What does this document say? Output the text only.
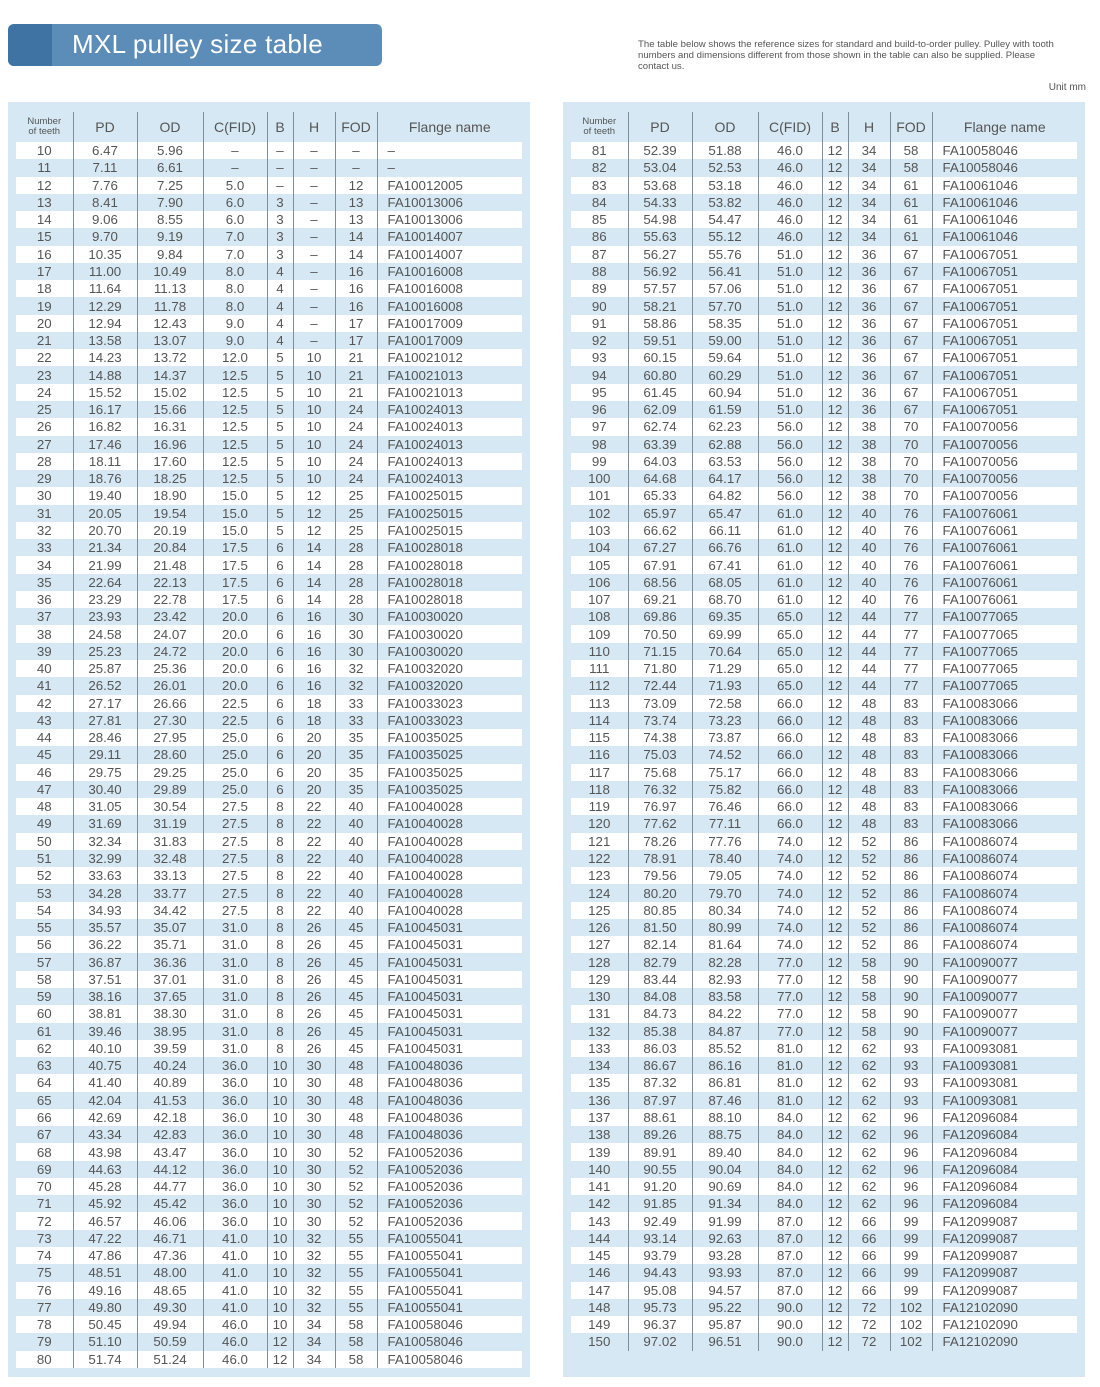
MXL pulley size table	The table below shows the reference sizes for standard and build-to-order pulley. Pulley with tooth numbers and dimensions different from those shown in the table can also be supplied. Please contact us.
Unit mm
Number
of teeth	PD	OD	C(FID)	B	H	FOD	Flange name
10	6.47	5.96	–	–	–	–	–
11	7.11	6.61	–	–	–	–	–
12	7.76	7.25	5.0	–	–	12	FA10012005
13	8.41	7.90	6.0	3	–	13	FA10013006
14	9.06	8.55	6.0	3	–	13	FA10013006
15	9.70	9.19	7.0	3	–	14	FA10014007
16	10.35	9.84	7.0	3	–	14	FA10014007
17	11.00	10.49	8.0	4	–	16	FA10016008
18	11.64	11.13	8.0	4	–	16	FA10016008
19	12.29	11.78	8.0	4	–	16	FA10016008
20	12.94	12.43	9.0	4	–	17	FA10017009
21	13.58	13.07	9.0	4	–	17	FA10017009
22	14.23	13.72	12.0	5	10	21	FA10021012
23	14.88	14.37	12.5	5	10	21	FA10021013
24	15.52	15.02	12.5	5	10	21	FA10021013
25	16.17	15.66	12.5	5	10	24	FA10024013
26	16.82	16.31	12.5	5	10	24	FA10024013
27	17.46	16.96	12.5	5	10	24	FA10024013
28	18.11	17.60	12.5	5	10	24	FA10024013
29	18.76	18.25	12.5	5	10	24	FA10024013
30	19.40	18.90	15.0	5	12	25	FA10025015
31	20.05	19.54	15.0	5	12	25	FA10025015
32	20.70	20.19	15.0	5	12	25	FA10025015
33	21.34	20.84	17.5	6	14	28	FA10028018
34	21.99	21.48	17.5	6	14	28	FA10028018
35	22.64	22.13	17.5	6	14	28	FA10028018
36	23.29	22.78	17.5	6	14	28	FA10028018
37	23.93	23.42	20.0	6	16	30	FA10030020
38	24.58	24.07	20.0	6	16	30	FA10030020
39	25.23	24.72	20.0	6	16	30	FA10030020
40	25.87	25.36	20.0	6	16	32	FA10032020
41	26.52	26.01	20.0	6	16	32	FA10032020
42	27.17	26.66	22.5	6	18	33	FA10033023
43	27.81	27.30	22.5	6	18	33	FA10033023
44	28.46	27.95	25.0	6	20	35	FA10035025
45	29.11	28.60	25.0	6	20	35	FA10035025
46	29.75	29.25	25.0	6	20	35	FA10035025
47	30.40	29.89	25.0	6	20	35	FA10035025
48	31.05	30.54	27.5	8	22	40	FA10040028
49	31.69	31.19	27.5	8	22	40	FA10040028
50	32.34	31.83	27.5	8	22	40	FA10040028
51	32.99	32.48	27.5	8	22	40	FA10040028
52	33.63	33.13	27.5	8	22	40	FA10040028
53	34.28	33.77	27.5	8	22	40	FA10040028
54	34.93	34.42	27.5	8	22	40	FA10040028
55	35.57	35.07	31.0	8	26	45	FA10045031
56	36.22	35.71	31.0	8	26	45	FA10045031
57	36.87	36.36	31.0	8	26	45	FA10045031
58	37.51	37.01	31.0	8	26	45	FA10045031
59	38.16	37.65	31.0	8	26	45	FA10045031
60	38.81	38.30	31.0	8	26	45	FA10045031
61	39.46	38.95	31.0	8	26	45	FA10045031
62	40.10	39.59	31.0	8	26	45	FA10045031
63	40.75	40.24	36.0	10	30	48	FA10048036
64	41.40	40.89	36.0	10	30	48	FA10048036
65	42.04	41.53	36.0	10	30	48	FA10048036
66	42.69	42.18	36.0	10	30	48	FA10048036
67	43.34	42.83	36.0	10	30	48	FA10048036
68	43.98	43.47	36.0	10	30	52	FA10052036
69	44.63	44.12	36.0	10	30	52	FA10052036
70	45.28	44.77	36.0	10	30	52	FA10052036
71	45.92	45.42	36.0	10	30	52	FA10052036
72	46.57	46.06	36.0	10	30	52	FA10052036
73	47.22	46.71	41.0	10	32	55	FA10055041
74	47.86	47.36	41.0	10	32	55	FA10055041
75	48.51	48.00	41.0	10	32	55	FA10055041
76	49.16	48.65	41.0	10	32	55	FA10055041
77	49.80	49.30	41.0	10	32	55	FA10055041
78	50.45	49.94	46.0	10	34	58	FA10058046
79	51.10	50.59	46.0	12	34	58	FA10058046
80	51.74	51.24	46.0	12	34	58	FA10058046
Number
of teeth	PD	OD	C(FID)	B	H	FOD	Flange name
81	52.39	51.88	46.0	12	34	58	FA10058046
82	53.04	52.53	46.0	12	34	58	FA10058046
83	53.68	53.18	46.0	12	34	61	FA10061046
84	54.33	53.82	46.0	12	34	61	FA10061046
85	54.98	54.47	46.0	12	34	61	FA10061046
86	55.63	55.12	46.0	12	34	61	FA10061046
87	56.27	55.76	51.0	12	36	67	FA10067051
88	56.92	56.41	51.0	12	36	67	FA10067051
89	57.57	57.06	51.0	12	36	67	FA10067051
90	58.21	57.70	51.0	12	36	67	FA10067051
91	58.86	58.35	51.0	12	36	67	FA10067051
92	59.51	59.00	51.0	12	36	67	FA10067051
93	60.15	59.64	51.0	12	36	67	FA10067051
94	60.80	60.29	51.0	12	36	67	FA10067051
95	61.45	60.94	51.0	12	36	67	FA10067051
96	62.09	61.59	51.0	12	36	67	FA10067051
97	62.74	62.23	56.0	12	38	70	FA10070056
98	63.39	62.88	56.0	12	38	70	FA10070056
99	64.03	63.53	56.0	12	38	70	FA10070056
100	64.68	64.17	56.0	12	38	70	FA10070056
101	65.33	64.82	56.0	12	38	70	FA10070056
102	65.97	65.47	61.0	12	40	76	FA10076061
103	66.62	66.11	61.0	12	40	76	FA10076061
104	67.27	66.76	61.0	12	40	76	FA10076061
105	67.91	67.41	61.0	12	40	76	FA10076061
106	68.56	68.05	61.0	12	40	76	FA10076061
107	69.21	68.70	61.0	12	40	76	FA10076061
108	69.86	69.35	65.0	12	44	77	FA10077065
109	70.50	69.99	65.0	12	44	77	FA10077065
110	71.15	70.64	65.0	12	44	77	FA10077065
111	71.80	71.29	65.0	12	44	77	FA10077065
112	72.44	71.93	65.0	12	44	77	FA10077065
113	73.09	72.58	66.0	12	48	83	FA10083066
114	73.74	73.23	66.0	12	48	83	FA10083066
115	74.38	73.87	66.0	12	48	83	FA10083066
116	75.03	74.52	66.0	12	48	83	FA10083066
117	75.68	75.17	66.0	12	48	83	FA10083066
118	76.32	75.82	66.0	12	48	83	FA10083066
119	76.97	76.46	66.0	12	48	83	FA10083066
120	77.62	77.11	66.0	12	48	83	FA10083066
121	78.26	77.76	74.0	12	52	86	FA10086074
122	78.91	78.40	74.0	12	52	86	FA10086074
123	79.56	79.05	74.0	12	52	86	FA10086074
124	80.20	79.70	74.0	12	52	86	FA10086074
125	80.85	80.34	74.0	12	52	86	FA10086074
126	81.50	80.99	74.0	12	52	86	FA10086074
127	82.14	81.64	74.0	12	52	86	FA10086074
128	82.79	82.28	77.0	12	58	90	FA10090077
129	83.44	82.93	77.0	12	58	90	FA10090077
130	84.08	83.58	77.0	12	58	90	FA10090077
131	84.73	84.22	77.0	12	58	90	FA10090077
132	85.38	84.87	77.0	12	58	90	FA10090077
133	86.03	85.52	81.0	12	62	93	FA10093081
134	86.67	86.16	81.0	12	62	93	FA10093081
135	87.32	86.81	81.0	12	62	93	FA10093081
136	87.97	87.46	81.0	12	62	93	FA10093081
137	88.61	88.10	84.0	12	62	96	FA12096084
138	89.26	88.75	84.0	12	62	96	FA12096084
139	89.91	89.40	84.0	12	62	96	FA12096084
140	90.55	90.04	84.0	12	62	96	FA12096084
141	91.20	90.69	84.0	12	62	96	FA12096084
142	91.85	91.34	84.0	12	62	96	FA12096084
143	92.49	91.99	87.0	12	66	99	FA12099087
144	93.14	92.63	87.0	12	66	99	FA12099087
145	93.79	93.28	87.0	12	66	99	FA12099087
146	94.43	93.93	87.0	12	66	99	FA12099087
147	95.08	94.57	87.0	12	66	99	FA12099087
148	95.73	95.22	90.0	12	72	102	FA12102090
149	96.37	95.87	90.0	12	72	102	FA12102090
150	97.02	96.51	90.0	12	72	102	FA12102090
